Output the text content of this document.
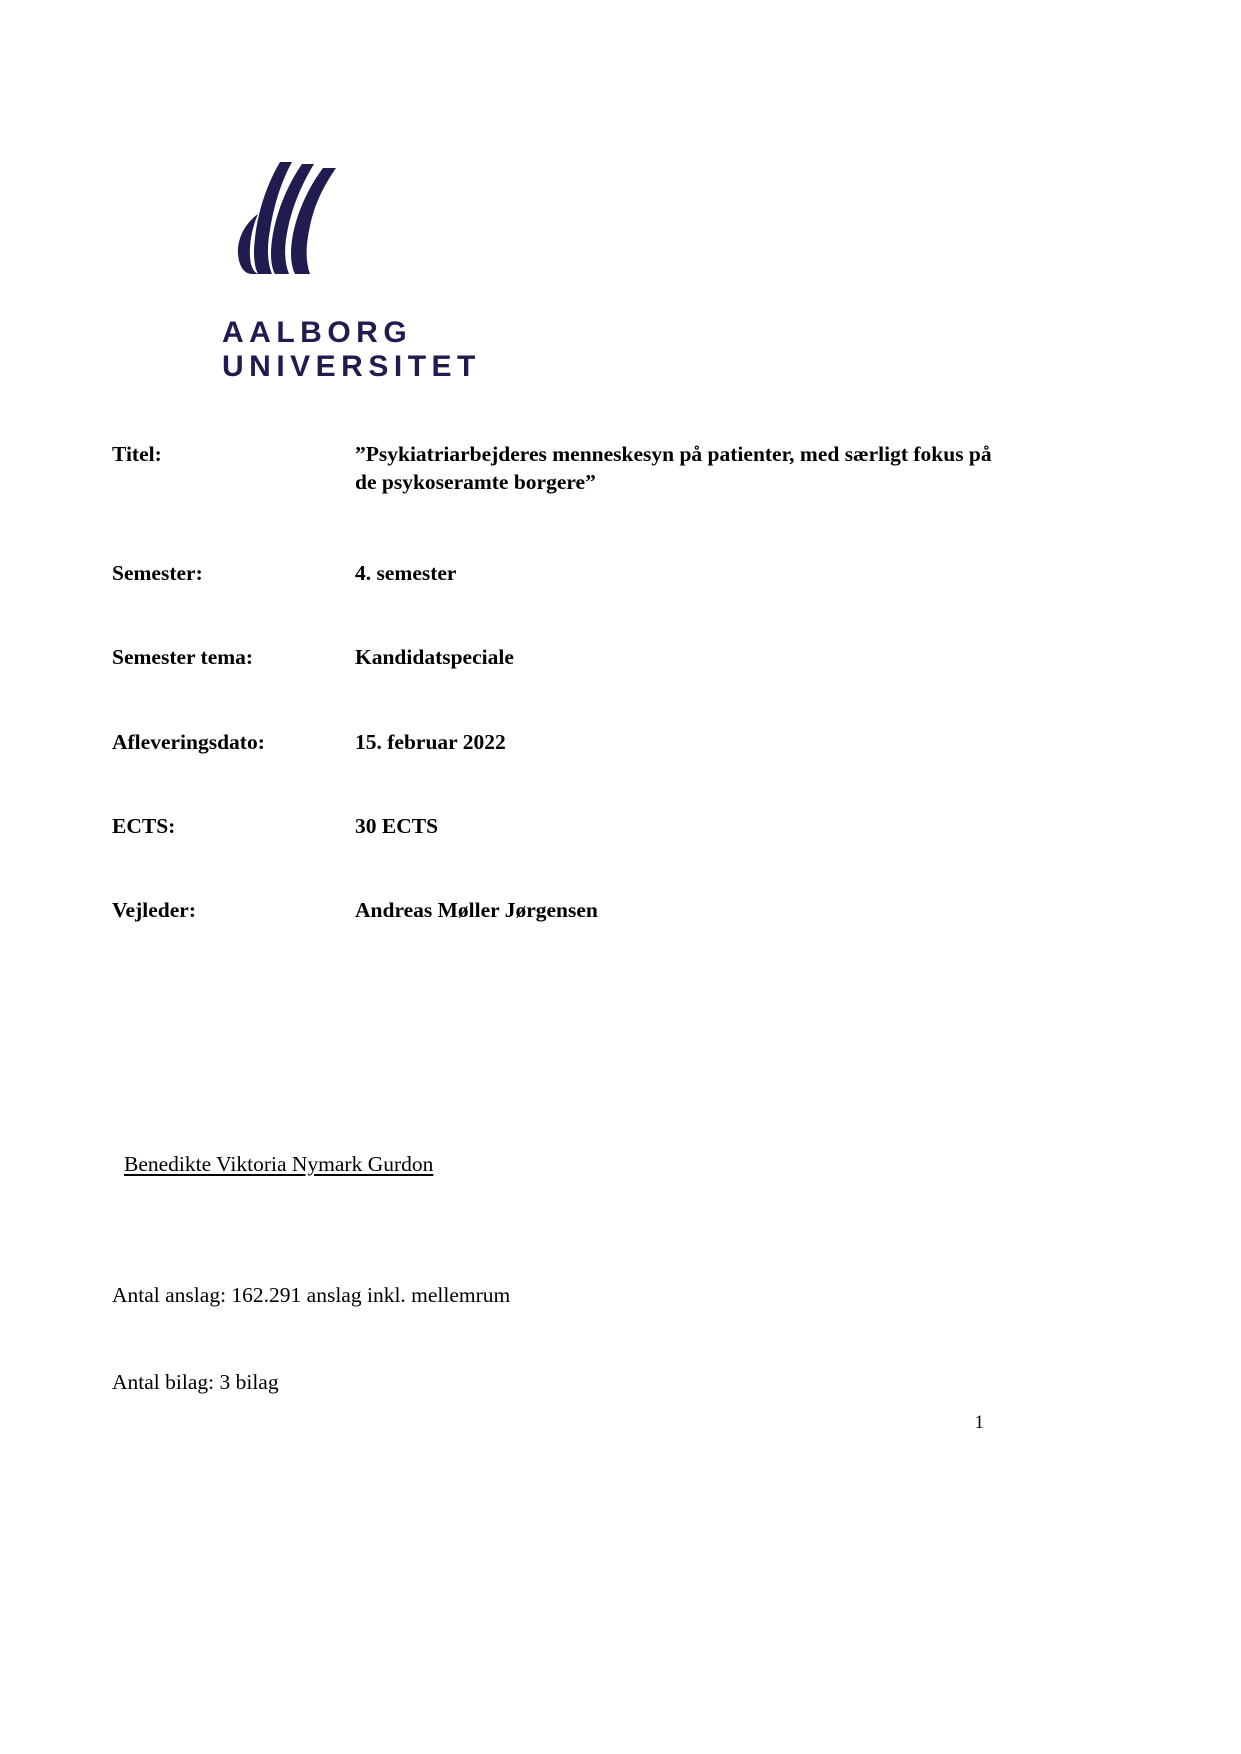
AALBORG UNIVERSITET
Titel:	”Psykiatriarbejderes menneskesyn på patienter, med særligt fokus på de psykoseramte borgere”
Semester:	4. semester
Semester tema:	Kandidatspeciale
Afleveringsdato:	15. februar 2022
ECTS:	30 ECTS
Vejleder:	Andreas Møller Jørgensen
Benedikte Viktoria Nymark Gurdon
Antal anslag: 162.291 anslag inkl. mellemrum
Antal bilag: 3 bilag
1
